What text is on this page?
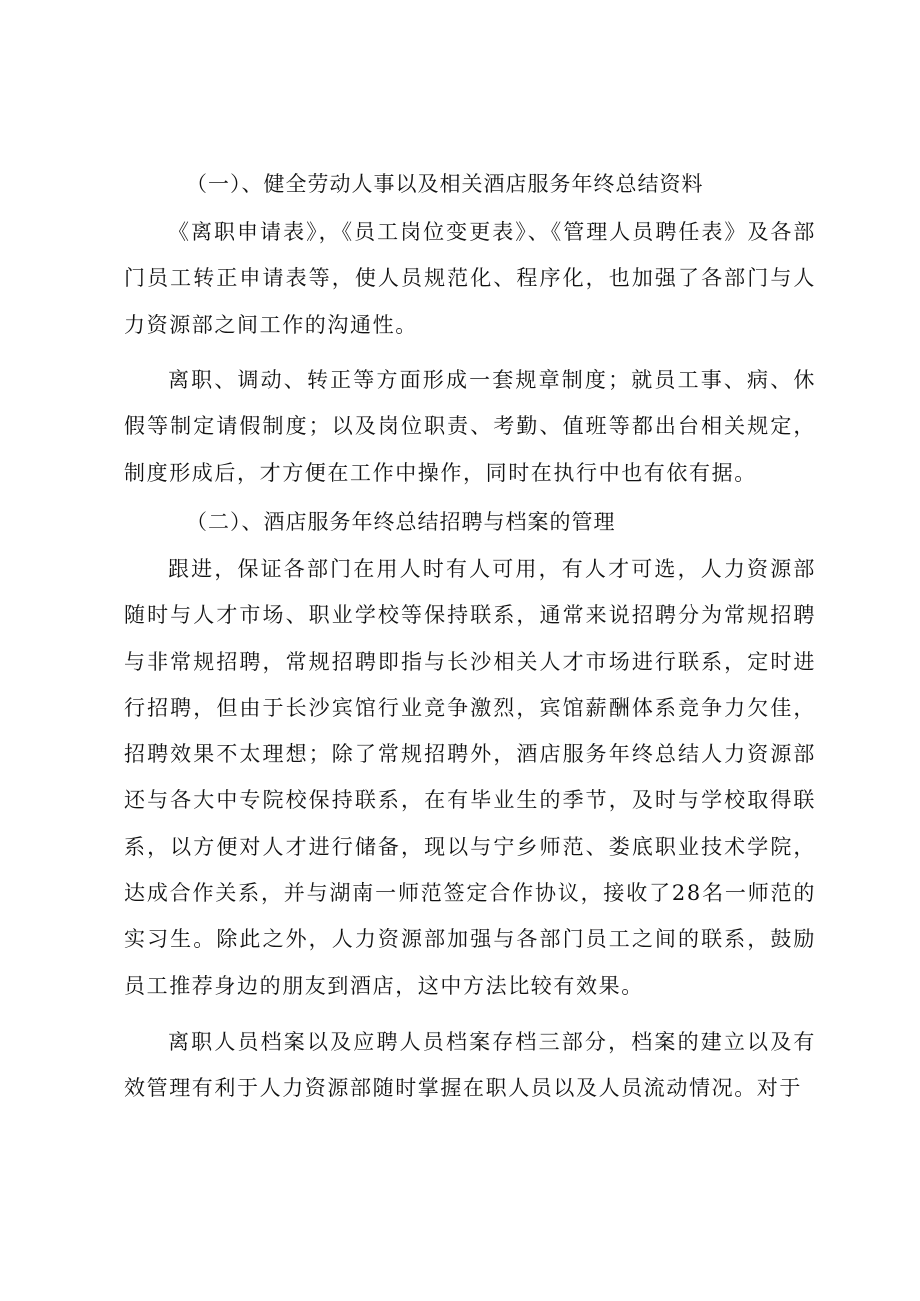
（一）、健全劳动人事以及相关酒店服务年终总结资料

《离职申请表》，《员工岗位变更表》、《管理人员聘任表》及各部门员工转正申请表等，使人员规范化、程序化，也加强了各部门与人力资源部之间工作的沟通性。

离职、调动、转正等方面形成一套规章制度；就员工事、病、休假等制定请假制度；以及岗位职责、考勤、值班等都出台相关规定，制度形成后，才方便在工作中操作，同时在执行中也有依有据。

（二）、酒店服务年终总结招聘与档案的管理

跟进，保证各部门在用人时有人可用，有人才可选，人力资源部随时与人才市场、职业学校等保持联系，通常来说招聘分为常规招聘与非常规招聘，常规招聘即指与长沙相关人才市场进行联系，定时进行招聘，但由于长沙宾馆行业竞争激烈，宾馆薪酬体系竞争力欠佳，招聘效果不太理想；除了常规招聘外，酒店服务年终总结人力资源部还与各大中专院校保持联系，在有毕业生的季节，及时与学校取得联系，以方便对人才进行储备，现以与宁乡师范、娄底职业技术学院，达成合作关系，并与湖南一师范签定合作协议，接收了28名一师范的实习生。除此之外，人力资源部加强与各部门员工之间的联系，鼓励员工推荐身边的朋友到酒店，这中方法比较有效果。

离职人员档案以及应聘人员档案存档三部分，档案的建立以及有效管理有利于人力资源部随时掌握在职人员以及人员流动情况。对于
